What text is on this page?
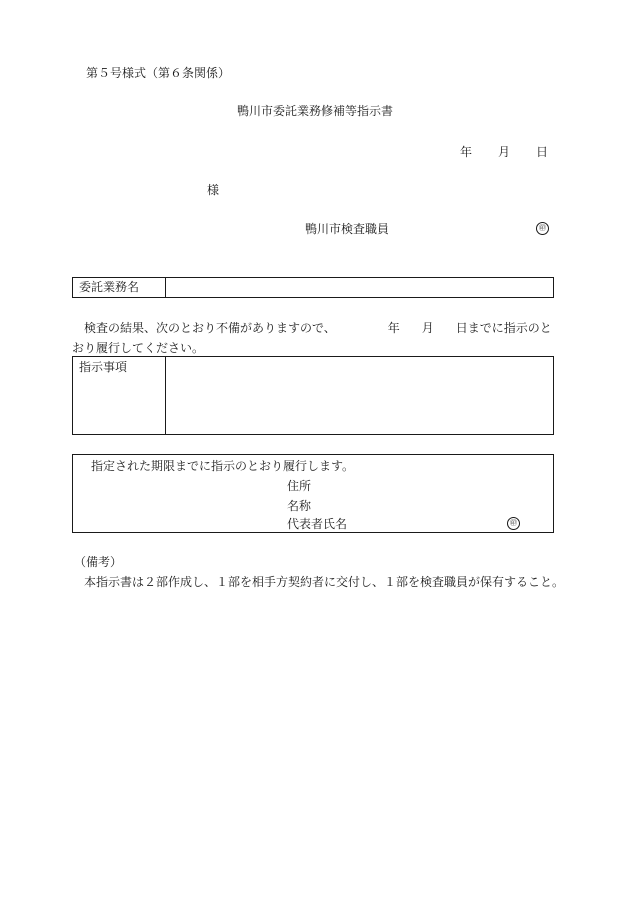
第５号様式（第６条関係）
鴨川市委託業務修補等指示書
年 月 日
様
鴨川市検査職員	㊞
委託業務名
検査の結果、次のとおり不備がありますので、	年 月 日までに指示のとおり履行してください。
指示事項
指定された期限までに指示のとおり履行します。
住所
名称
代表者氏名	㊞
（備考）
本指示書は２部作成し、１部を相手方契約者に交付し、１部を検査職員が保有すること。
